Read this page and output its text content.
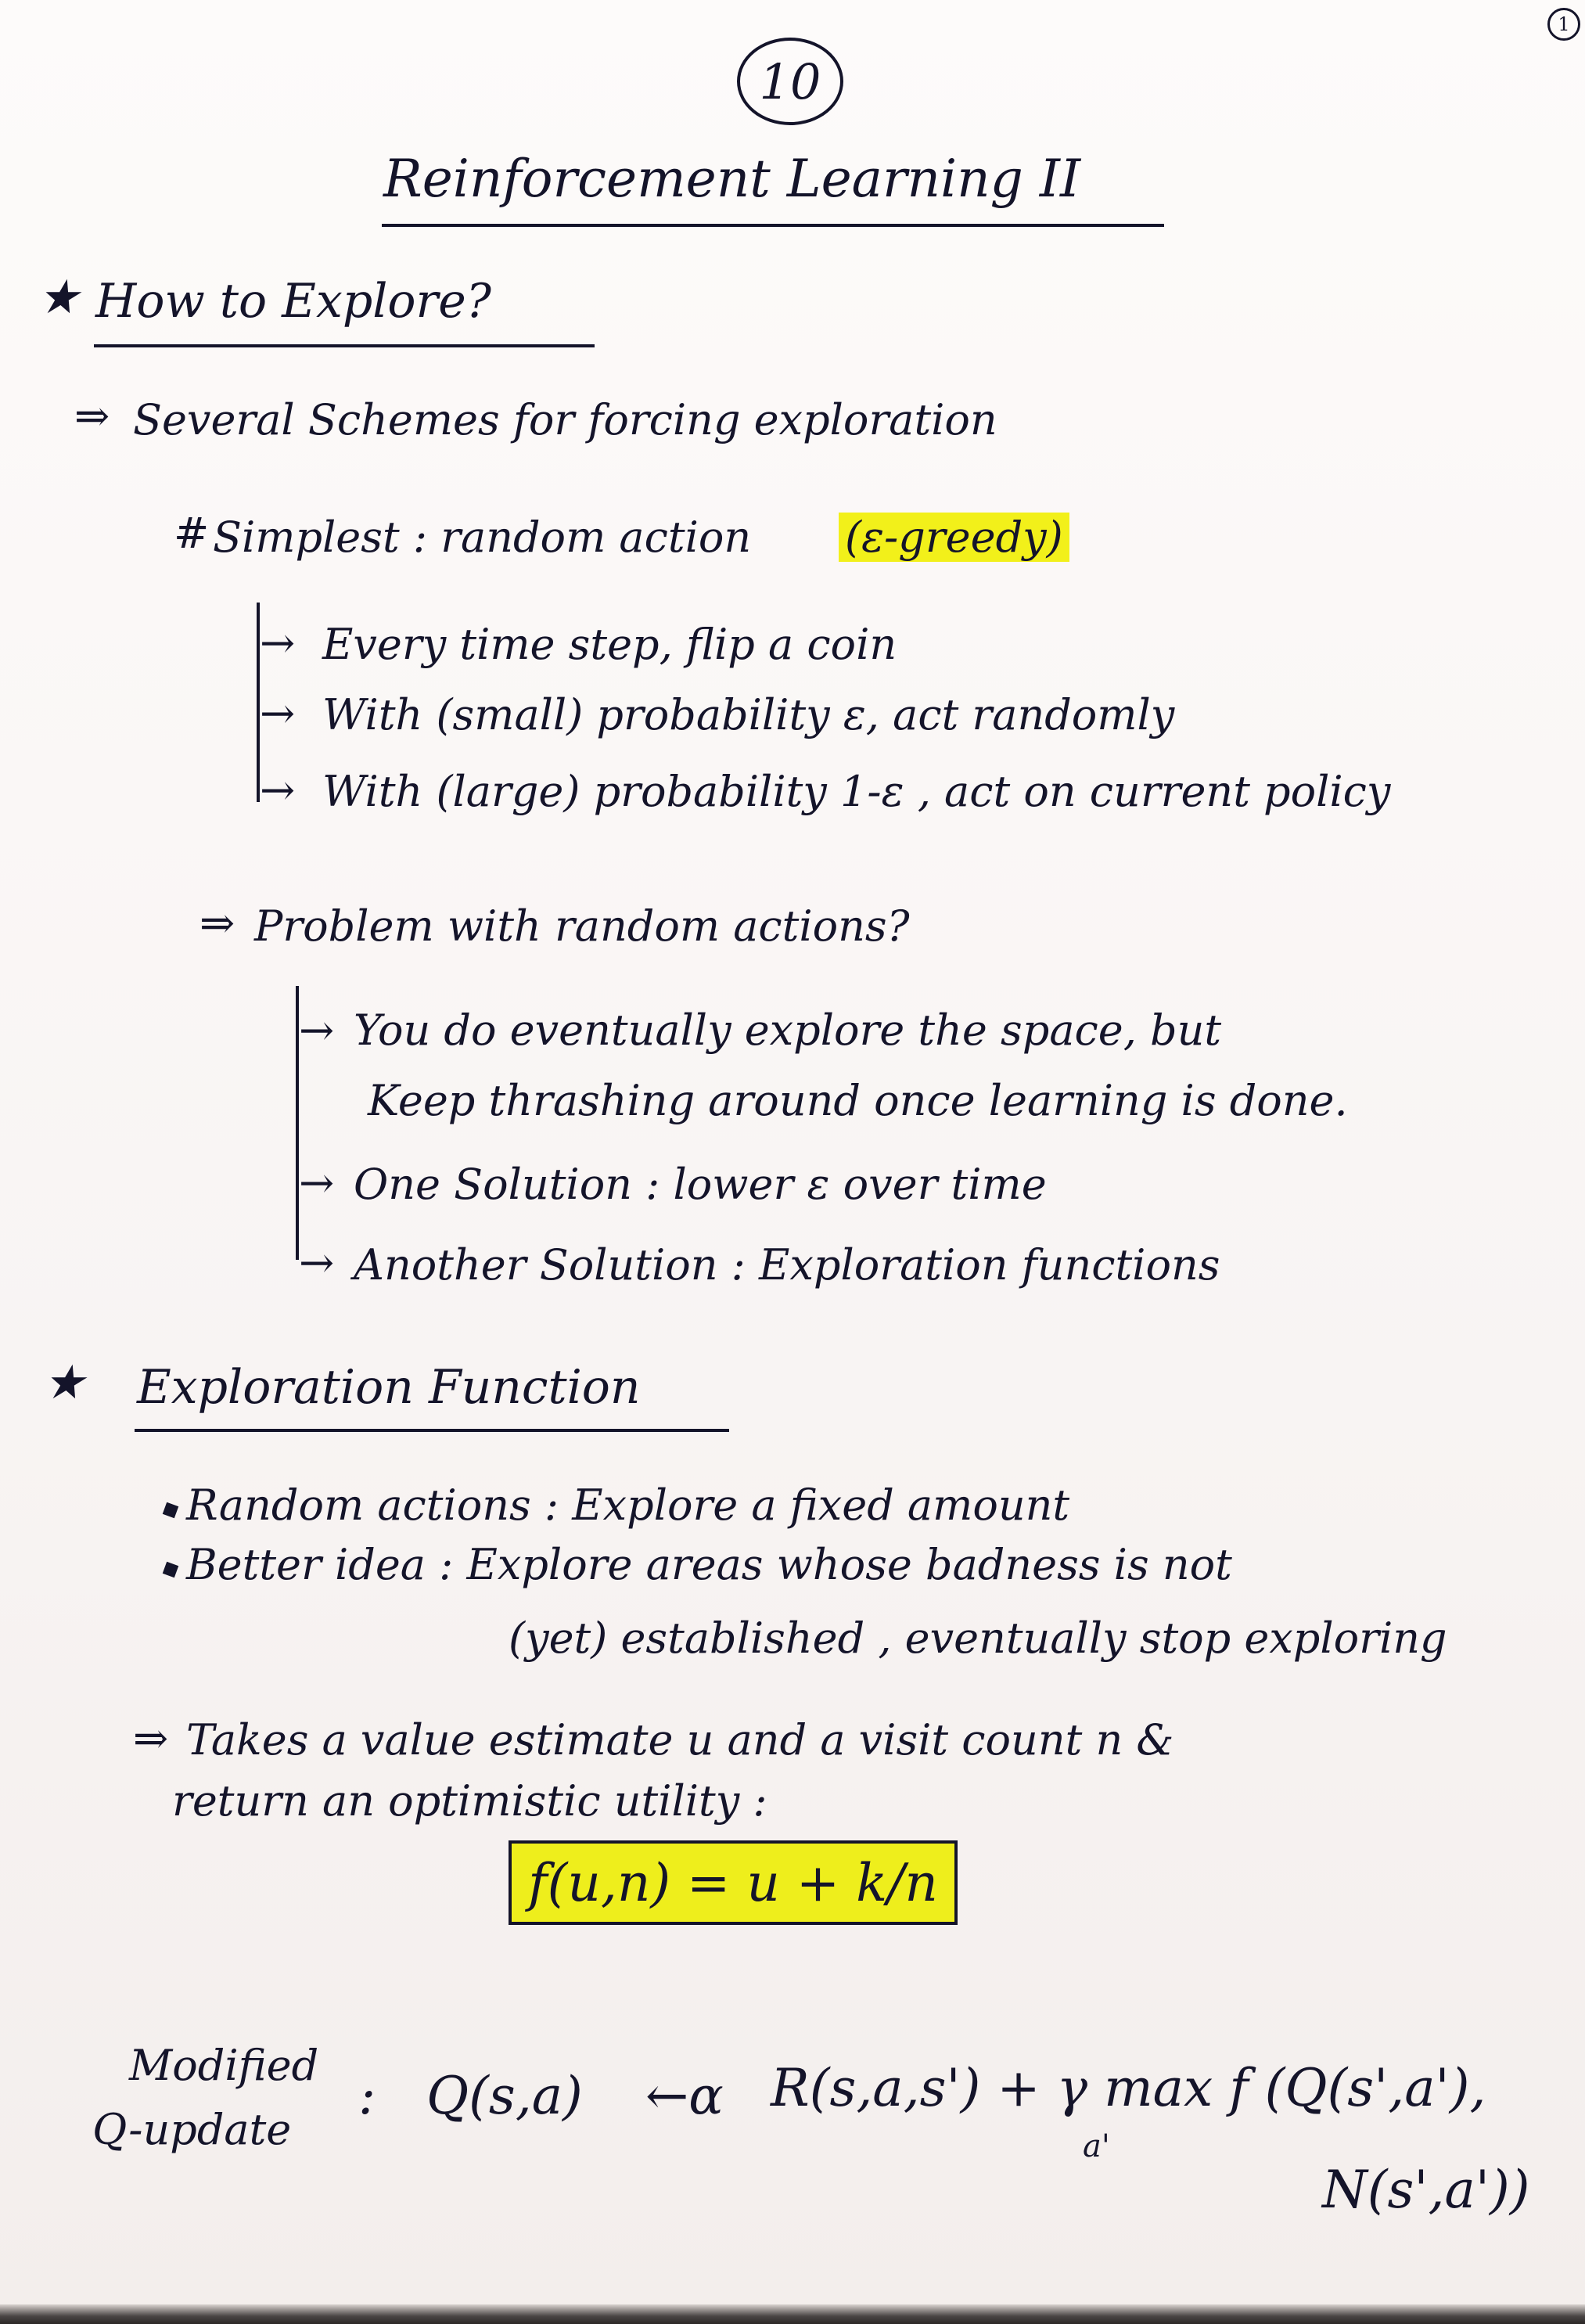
1
10
Reinforcement Learning II
★ How to Explore?
⇒ Several Schemes for forcing exploration
# Simplest : random action (ε-greedy)
→ Every time step, flip a coin
→ With (small) probability ε, act randomly
→ With (large) probability 1-ε , act on current policy
⇒ Problem with random actions?
→ You do eventually explore the space, but
Keep thrashing around once learning is done.
→ One Solution : lower ε over time
→ Another Solution : Exploration functions
★ Exploration Function
Random actions : Explore a fixed amount
Better idea : Explore areas whose badness is not
(yet) established , eventually stop exploring
⇒ Takes a value estimate u and a visit count n &
return an optimistic utility :
f(u,n) = u + k/n
Modified
Q-update
: Q(s,a) ←α R(s,a,s') + γ max f (Q(s',a'),
a'
N(s',a'))
